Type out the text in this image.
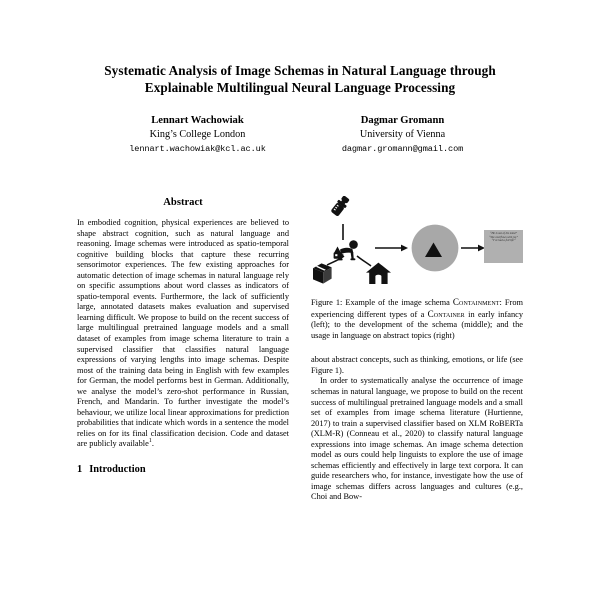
Systematic Analysis of Image Schemas in Natural Language through
Explainable Multilingual Neural Language Processing
Lennart Wachowiak
King’s College London
lennart.wachowiak@kcl.ac.uk
Dagmar Gromann
University of Vienna
dagmar.gromann@gmail.com
Abstract

In embodied cognition, physical experiences are believed to shape abstract cognition, such as natural language and reasoning. Image schemas were introduced as spatio-temporal cognitive building blocks that capture these recurring sensorimotor experiences. The few existing approaches for automatic detection of image schemas in natural language rely on specific assumptions about word classes as indicators of spatio-temporal events. Furthermore, the lack of sufficiently large, annotated datasets makes evaluation and supervised learning difficult. We propose to build on the recent success of large multilingual pretrained language models and a small dataset of examples from image schema literature to train a supervised classifier that classifies natural language expressions of varying lengths into image schemas. Despite most of the training data being in English with few examples for German, the model performs best in German. Additionally, we analyse the model’s zero-shot performance in Russian, French, and Mandarin. To further investigate the model’s behaviour, we utilize local linear approximations for prediction probabilities that indicate which words in a sentence the model relies on for its final classification decision. Code and dataset are publicly available$^1$.

1 Introduction
“He is out of his mind”
“She overflows with joy”
“I’ve had a full life”
Figure 1: Example of the image schema Containment: From experiencing different types of a Container in early infancy (left); to the development of the schema (middle); and the usage in language on abstract topics (right)

about abstract concepts, such as thinking, emotions, or life (see Figure 1).

In order to systematically analyse the occurrence of image schemas in natural language, we propose to build on the recent success of multilingual pretrained language models and a small set of examples from image schema literature (Hurtienne, 2017) to train a supervised classifier based on XLM RoBERTa (XLM-R) (Conneau et al., 2020) to classify natural language expressions into image schemas. An image schema detection model as ours could help linguists to explore the use of image schemas efficiently and effectively in large text corpora. It can guide researchers who, for instance, investigate how the use of image schemas differs across languages and cultures (e.g., Choi and Bow-
